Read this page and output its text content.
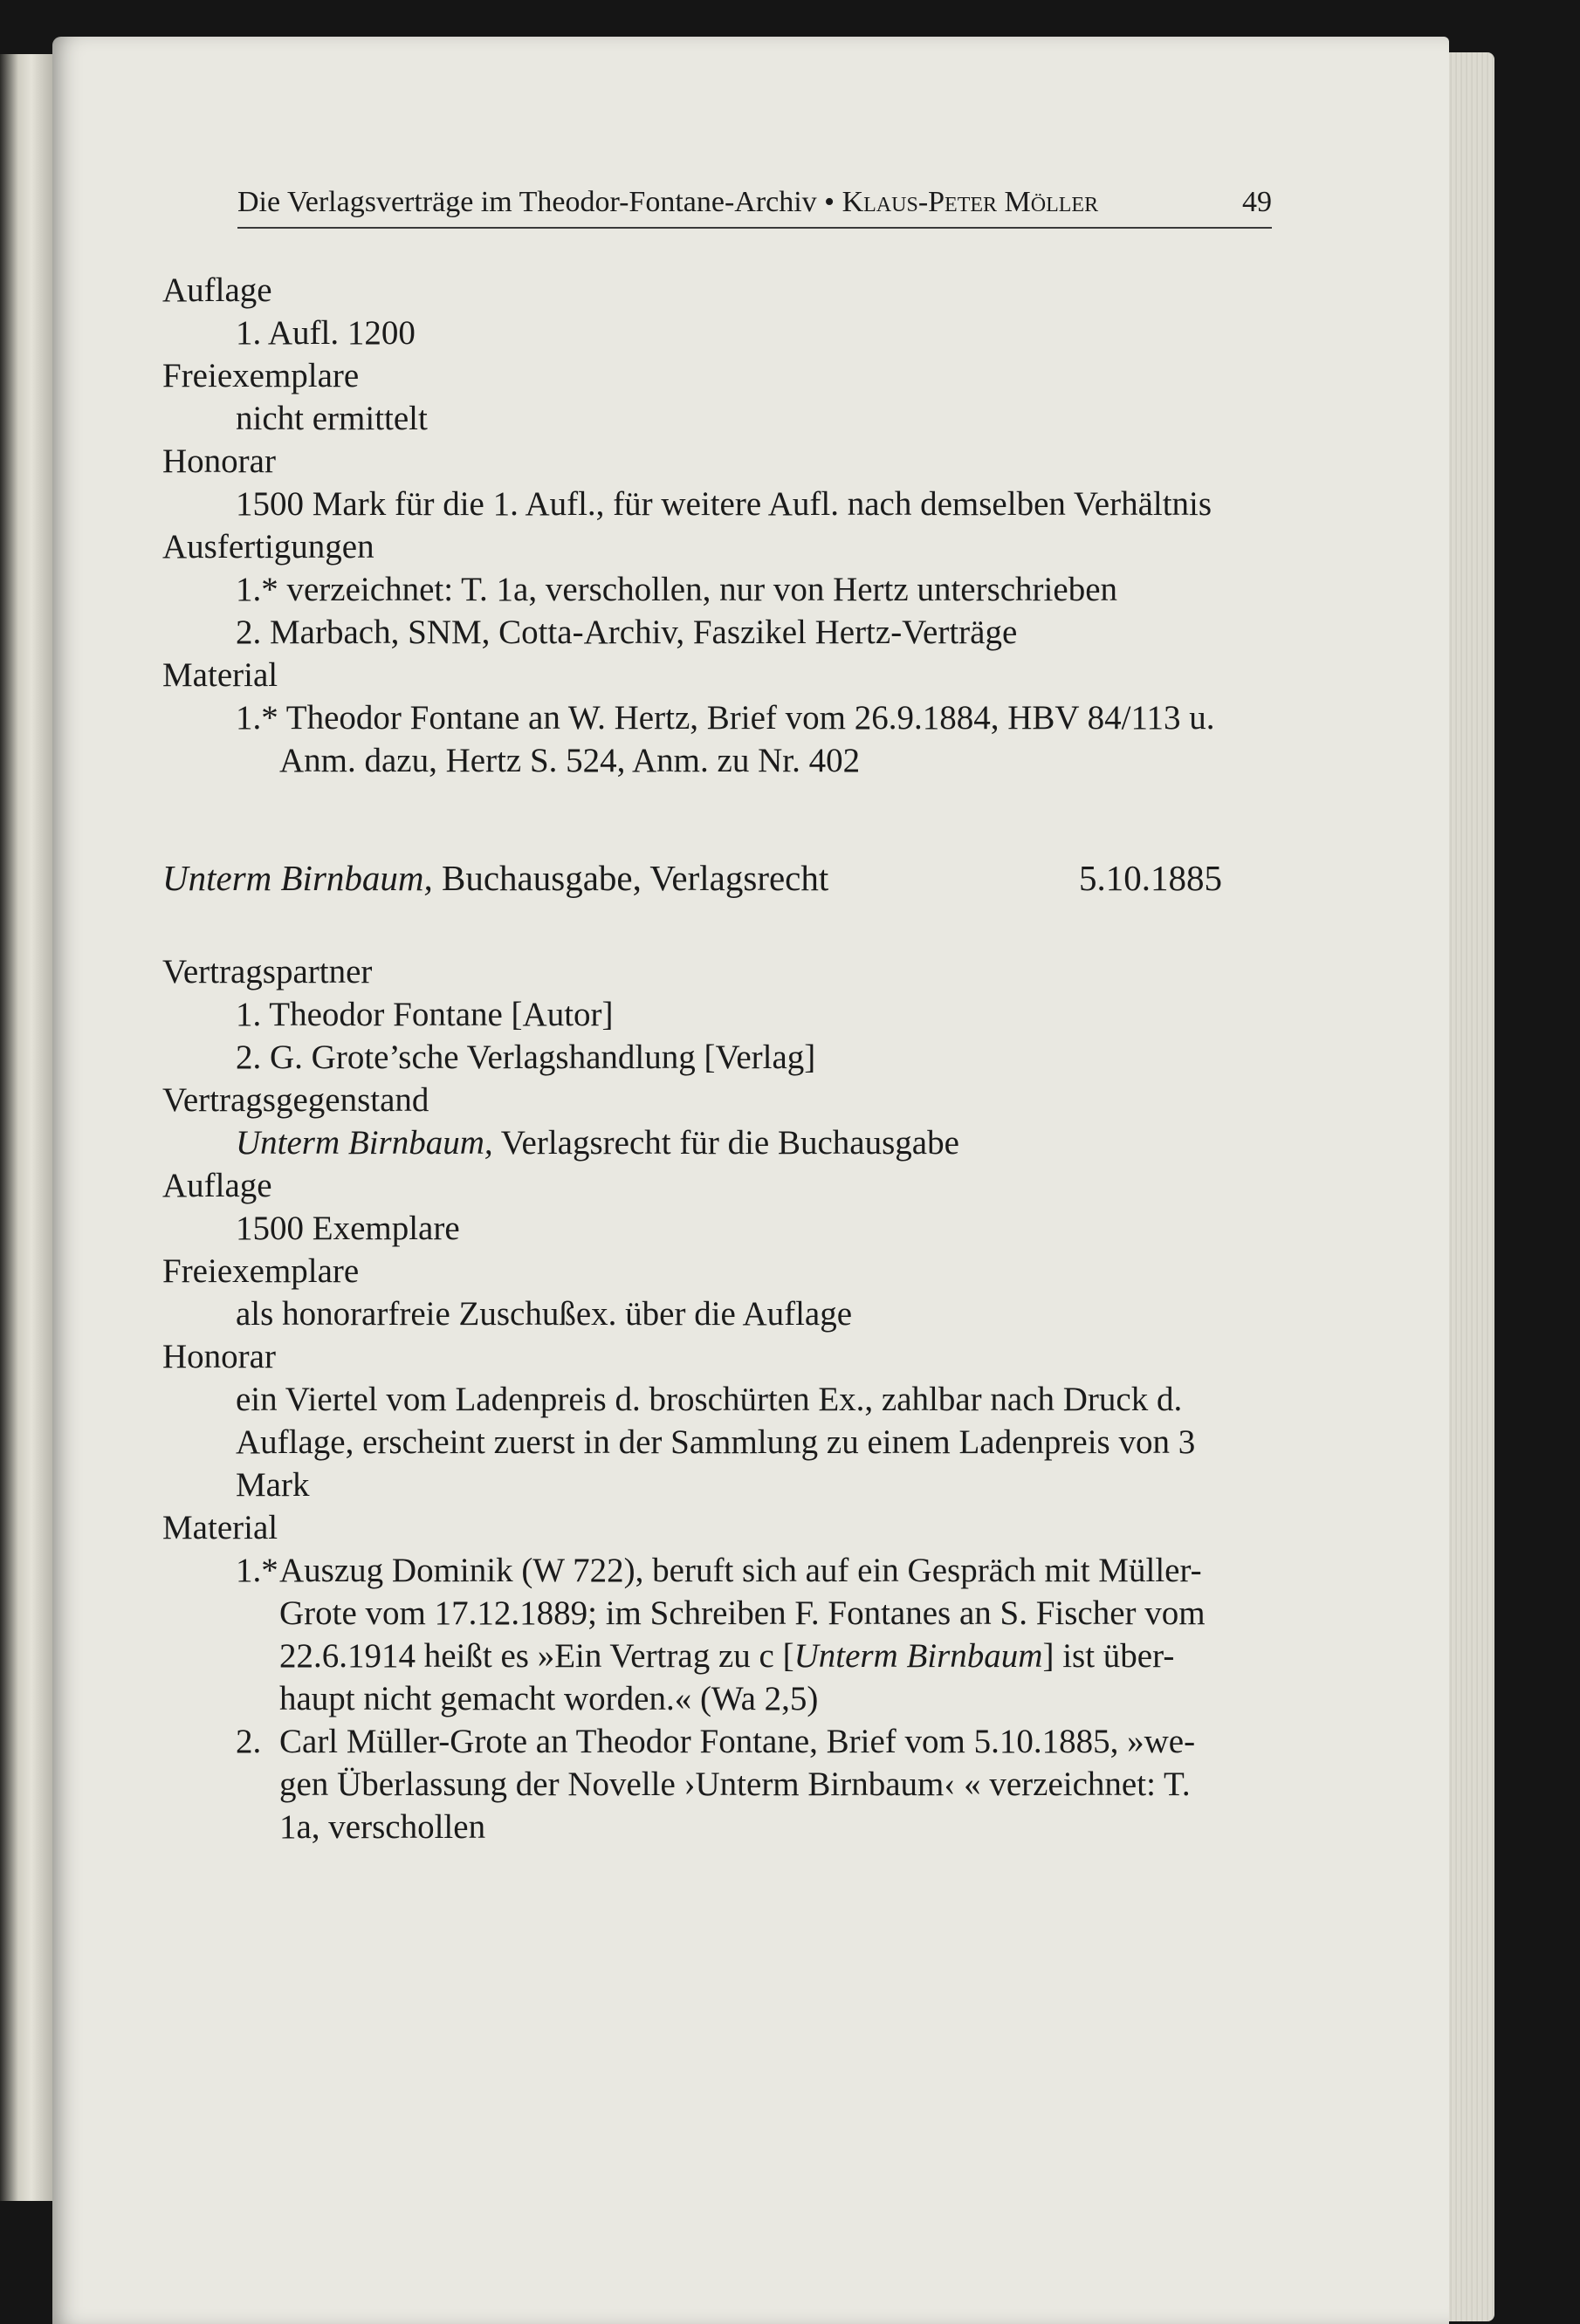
Die Verlagsverträge im Theodor-Fontane-Archiv • Klaus-Peter Möller	49
Auflage
1. Aufl. 1200
Freiexemplare
nicht ermittelt
Honorar
1500 Mark für die 1. Aufl., für weitere Aufl. nach demselben Verhältnis
Ausfertigungen
1.* verzeichnet: T. 1a, verschollen, nur von Hertz unterschrieben
2. Marbach, SNM, Cotta-Archiv, Faszikel Hertz-Verträge
Material
1.* Theodor Fontane an W. Hertz, Brief vom 26.9.1884, HBV 84/113 u.
Anm. dazu, Hertz S. 524, Anm. zu Nr. 402
Unterm Birnbaum, Buchausgabe, Verlagsrecht	5.10.1885
Vertragspartner
1. Theodor Fontane [Autor]
2. G. Grote’sche Verlagshandlung [Verlag]
Vertragsgegenstand
Unterm Birnbaum, Verlagsrecht für die Buchausgabe
Auflage
1500 Exemplare
Freiexemplare
als honorarfreie Zuschußex. über die Auflage
Honorar
ein Viertel vom Ladenpreis d. broschürten Ex., zahlbar nach Druck d.
Auflage, erscheint zuerst in der Sammlung zu einem Ladenpreis von 3
Mark
Material
1.* Auszug Dominik (W 722), beruft sich auf ein Gespräch mit Müller-
Grote vom 17.12.1889; im Schreiben F. Fontanes an S. Fischer vom
22.6.1914 heißt es »Ein Vertrag zu c [Unterm Birnbaum] ist über-
haupt nicht gemacht worden.« (Wa 2,5)
2. Carl Müller-Grote an Theodor Fontane, Brief vom 5.10.1885, »we-
gen Überlassung der Novelle ›Unterm Birnbaum‹ « verzeichnet: T.
1a, verschollen
